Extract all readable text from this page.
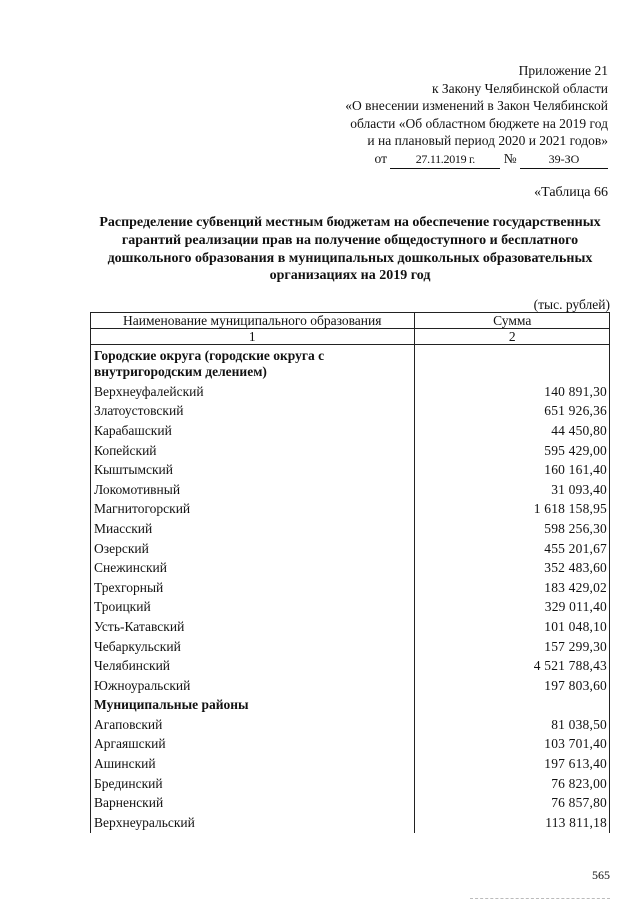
Приложение 21
к Закону Челябинской области
«О внесении изменений в Закон Челябинской
области «Об областном бюджете на 2019 год
и на плановый период 2020 и 2021 годов»
от 27.11.2019 г. №	39-ЗО
«Таблица 66
Распределение субвенций местным бюджетам на обеспечение государственных гарантий реализации прав на получение общедоступного и бесплатного дошкольного образования в муниципальных дошкольных образовательных организациях на 2019 год
(тыс. рублей)
Наименование муниципального образования	Сумма
1	2
Городские округа (городские округа с внутригородским делением)	
Верхнеуфалейский	140 891,30
Златоустовский	651 926,36
Карабашский	44 450,80
Копейский	595 429,00
Кыштымский	160 161,40
Локомотивный	31 093,40
Магнитогорский	1 618 158,95
Миасский	598 256,30
Озерский	455 201,67
Снежинский	352 483,60
Трехгорный	183 429,02
Троицкий	329 011,40
Усть-Катавский	101 048,10
Чебаркульский	157 299,30
Челябинский	4 521 788,43
Южноуральский	197 803,60
Муниципальные районы	
Агаповский	81 038,50
Аргаяшский	103 701,40
Ашинский	197 613,40
Брединский	76 823,00
Варненский	76 857,80
Верхнеуральский	113 811,18
565
